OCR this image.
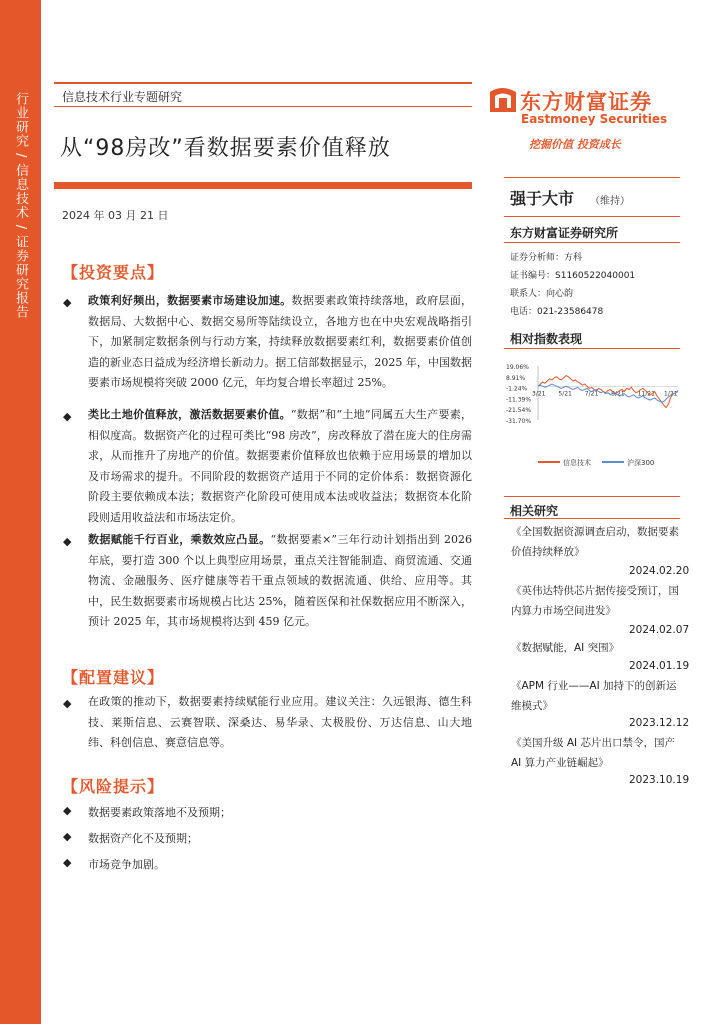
行业研究 / 信息技术 / 证券研究报告	信息技术行业专题研究
从“98房改”看数据要素价值释放
2024 年 03 月 21 日
【投资要点】
◆ 政策利好频出，数据要素市场建设加速。数据要素政策持续落地，政府层面，数据局、大数据中心、数据交易所等陆续设立，各地方也在中央宏观战略指引下，加紧制定数据条例与行动方案，持续释放数据要素红利，数据要素价值创造的新业态日益成为经济增长新动力。据工信部数据显示，2025 年，中国数据要素市场规模将突破 2000 亿元，年均复合增长率超过 25%。
◆ 类比土地价值释放，激活数据要素价值。“数据”和“土地”同属五大生产要素，相似度高。数据资产化的过程可类比“98 房改”，房改释放了潜在庞大的住房需求，从而推升了房地产的价值。数据要素价值释放也依赖于应用场景的增加以及市场需求的提升。不同阶段的数据资产适用于不同的定价体系：数据资源化阶段主要依赖成本法；数据资产化阶段可使用成本法或收益法；数据资本化阶段则适用收益法和市场法定价。
◆ 数据赋能千行百业，乘数效应凸显。“数据要素×”三年行动计划指出到 2026 年底，要打造 300 个以上典型应用场景，重点关注智能制造、商贸流通、交通物流、金融服务、医疗健康等若干重点领域的数据流通、供给、应用等。其中，民生数据要素市场规模占比达 25%，随着医保和社保数据应用不断深入，预计 2025 年，其市场规模将达到 459 亿元。
【配置建议】
◆ 在政策的推动下，数据要素持续赋能行业应用。建议关注：久远银海、德生科技、莱斯信息、云赛智联、深桑达、易华录、太极股份、万达信息、山大地纬、科创信息、赛意信息等。
【风险提示】
◆ 数据要素政策落地不及预期；
◆ 数据资产化不及预期；
◆ 市场竞争加剧。
东方财富证券
Eastmoney Securities
挖掘价值 投资成长
强于大市 （维持）
东方财富证券研究所
证券分析师：方科
证书编号：S1160522040001
联系人：向心韵
电话：021-23586478
相对指数表现
19.06%
8.91%
-1.24%
-11.39%
-21.54%
-31.70%
3/21 5/21 7/21 9/21 11/21 1/21
信息技术	沪深300
相关研究
《全国数据资源调查启动，数据要素价值持续释放》
2024.02.20
《英伟达特供芯片据传接受预订，国内算力市场空间进发》
2024.02.07
《数据赋能，AI 突围》
2024.01.19
《APM 行业——AI 加持下的创新运维模式》
2023.12.12
《美国升级 AI 芯片出口禁令，国产 AI 算力产业链崛起》
2023.10.19
